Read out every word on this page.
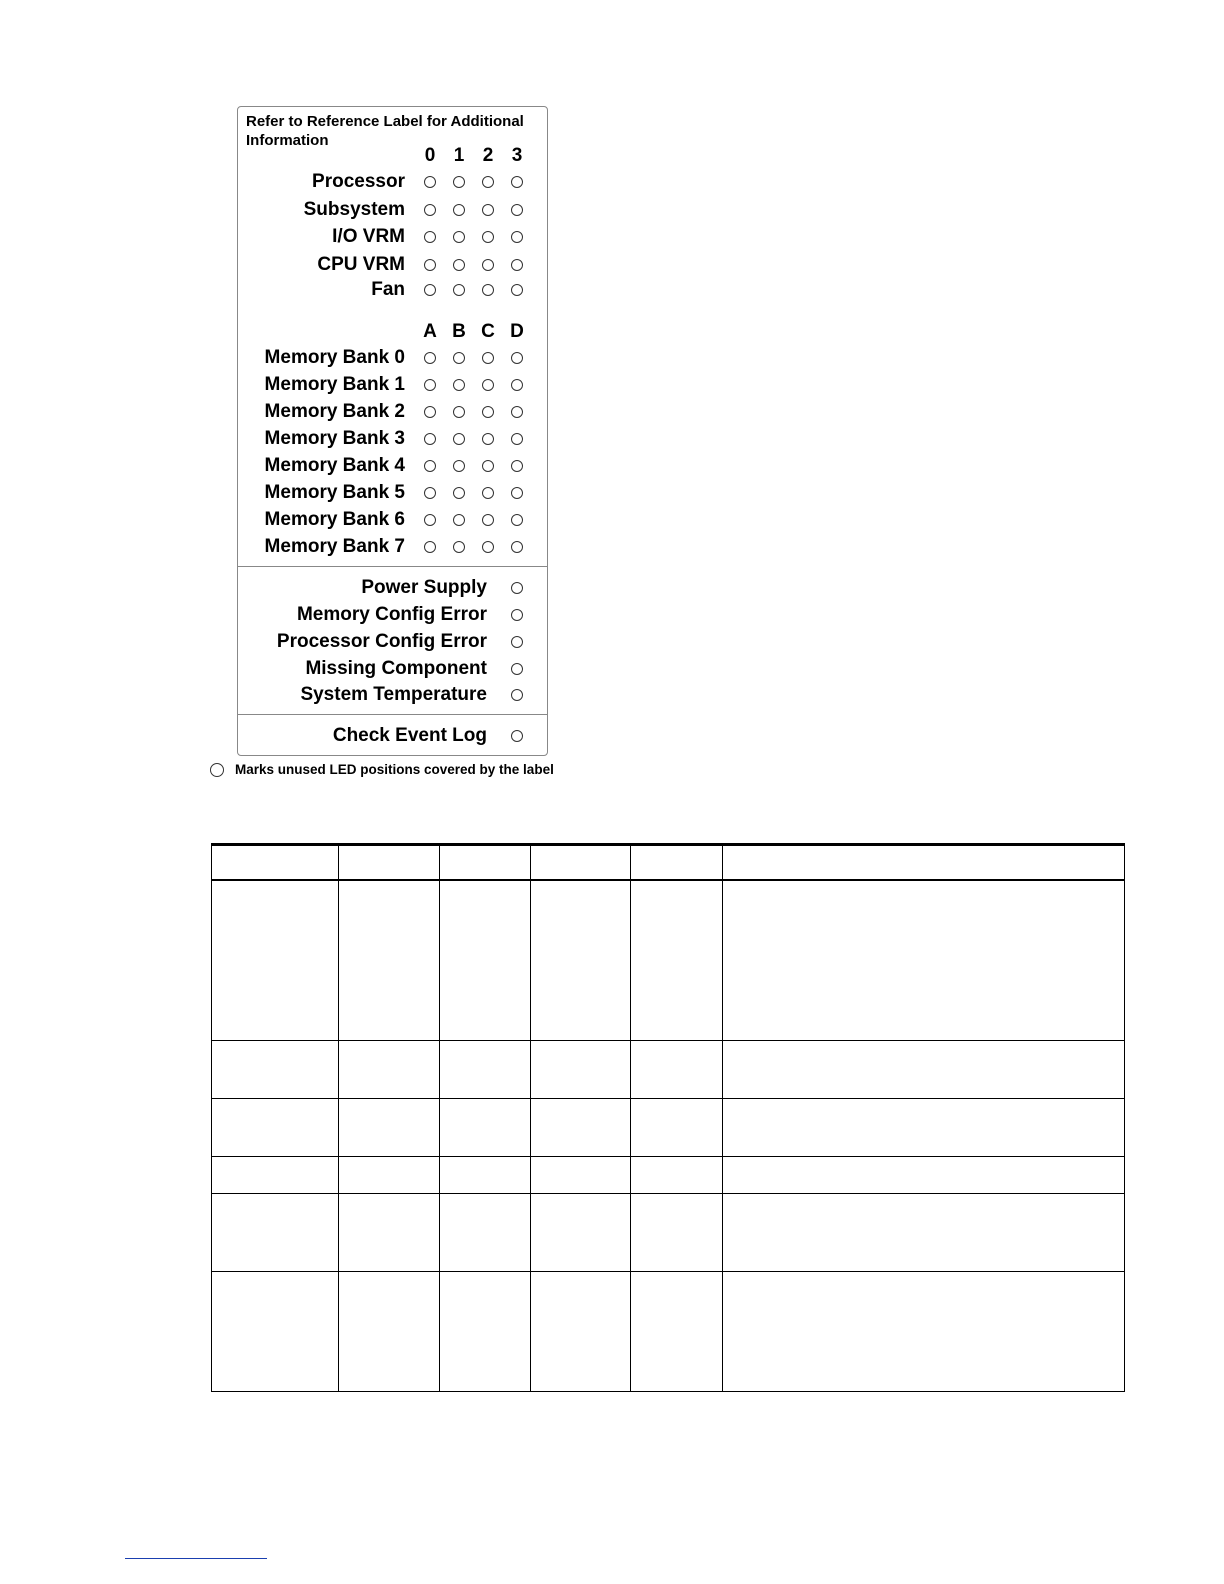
Refer to Reference Label for Additional Information
0 1 2 3
Processor
Subsystem
I/O VRM
CPU VRM
Fan
A B C D
Memory Bank 0
Memory Bank 1
Memory Bank 2
Memory Bank 3
Memory Bank 4
Memory Bank 5
Memory Bank 6
Memory Bank 7
Power Supply
Memory Config Error
Processor Config Error
Missing Component
System Temperature
Check Event Log
Marks unused LED positions covered by the label
